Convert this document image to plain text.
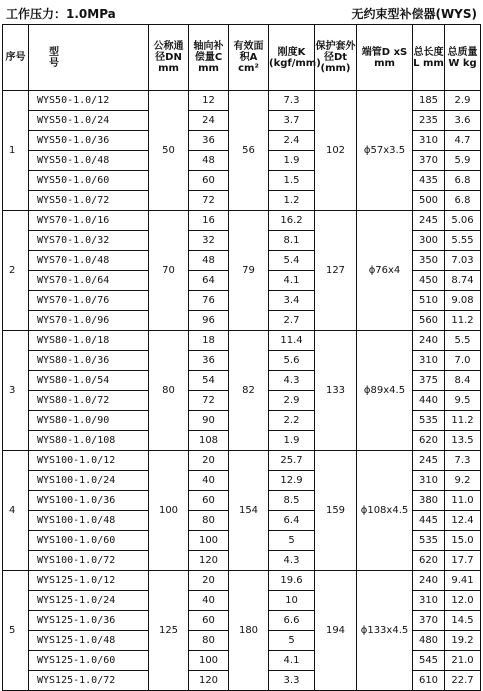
工作压力：1.0MPa	无约束型补偿器(WYS)
序号	型号	公称通径DN mm	轴向补偿量C mm	有效面积A cm²	刚度K (kgf/mm)	保护套外径Dt (mm)	端管D xS mm	总长度L mm	总质量W kg
1	WYS50-1.0/12	50	12	56	7.3	102	ϕ57x3.5	185	2.9
	WYS50-1.0/24		24		3.7			235	3.6
	WYS50-1.0/36		36		2.4			310	4.7
	WYS50-1.0/48		48		1.9			370	5.9
	WYS50-1.0/60		60		1.5			435	6.8
	WYS50-1.0/72		72		1.2			500	6.8
2	WYS70-1.0/16	70	16	79	16.2	127	ϕ76x4	245	5.06
	WYS70-1.0/32		32		8.1			300	5.55
	WYS70-1.0/48		48		5.4			350	7.03
	WYS70-1.0/64		64		4.1			450	8.74
	WYS70-1.0/76		76		3.4			510	9.08
	WYS70-1.0/96		96		2.7			560	11.2
3	WYS80-1.0/18	80	18	82	11.4	133	ϕ89x4.5	240	5.5
	WYS80-1.0/36		36		5.6			310	7.0
	WYS80-1.0/54		54		4.3			375	8.4
	WYS80-1.0/72		72		2.9			440	9.5
	WYS80-1.0/90		90		2.2			535	11.2
	WYS80-1.0/108		108		1.9			620	13.5
4	WYS100-1.0/12	100	20	154	25.7	159	ϕ108x4.5	245	7.3
	WYS100-1.0/24		40		12.9			310	9.2
	WYS100-1.0/36		60		8.5			380	11.0
	WYS100-1.0/48		80		6.4			445	12.4
	WYS100-1.0/60		100		5			535	15.0
	WYS100-1.0/72		120		4.3			620	17.7
5	WYS125-1.0/12	125	20	180	19.6	194	ϕ133x4.5	240	9.41
	WYS125-1.0/24		40		10			310	12.0
	WYS125-1.0/36		60		6.6			370	14.5
	WYS125-1.0/48		80		5			480	19.2
	WYS125-1.0/60		100		4.1			545	21.0
	WYS125-1.0/72		120		3.3			610	22.7
